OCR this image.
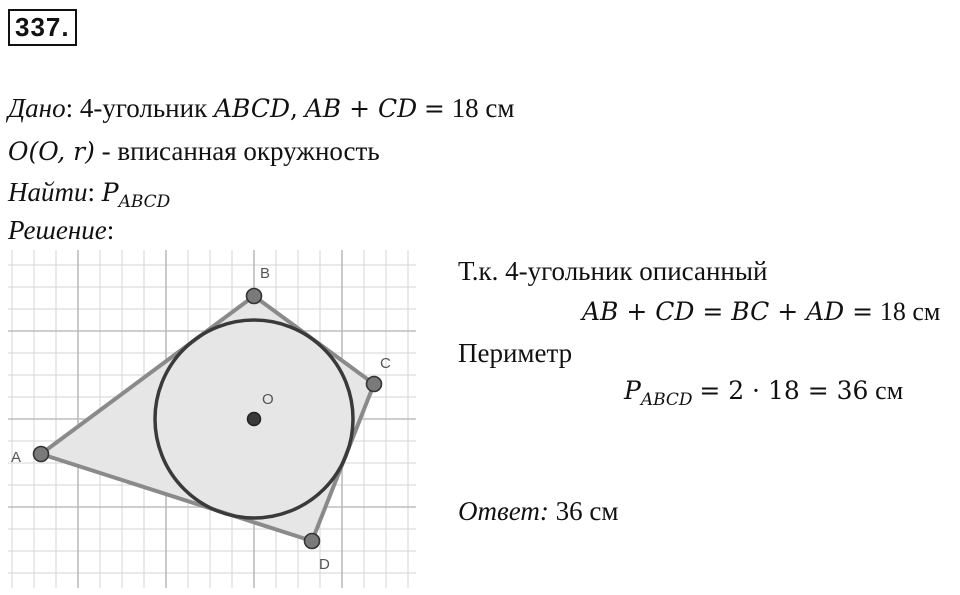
337.
Дано: 4-угольник ABCD, AB + CD = 18 см
O(O, r) - вписанная окружность
Найти: $P_{ABCD}$
Решение:
A
B
C
D
O
Т.к. 4-угольник описанный
AB + CD = BC + AD = 18 см
Периметр
$P_{ABCD} = 2 \cdot 18 = 36$ см
Ответ: 36 см
